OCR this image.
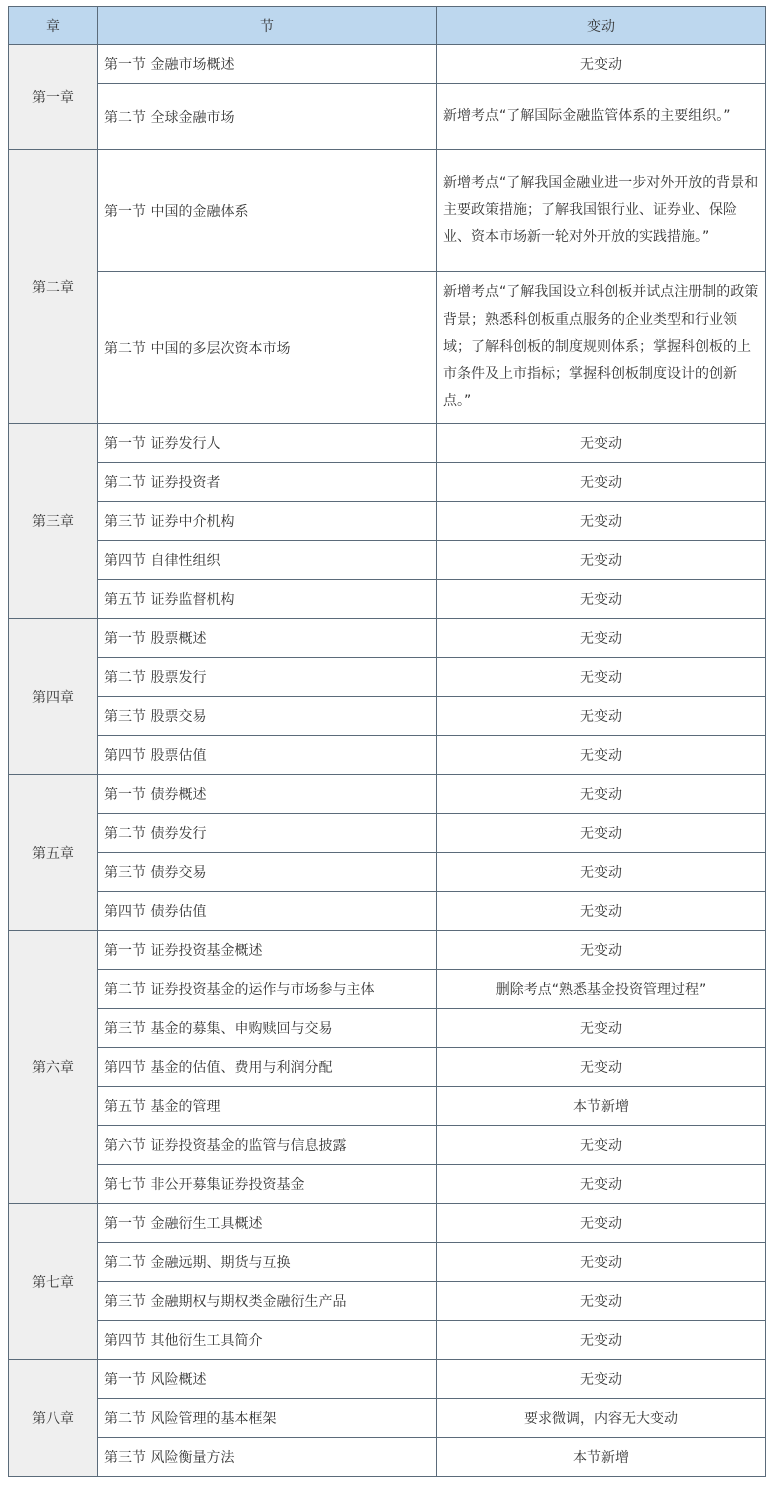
章	节	变动
第一章	第一节 金融市场概述	无变动
	第二节 全球金融市场	新增考点“了解国际金融监管体系的主要组织。”
第二章	第一节 中国的金融体系	新增考点“了解我国金融业进一步对外开放的背景和主要政策措施；了解我国银行业、证券业、保险业、资本市场新一轮对外开放的实践措施。”
	第二节 中国的多层次资本市场	新增考点“了解我国设立科创板并试点注册制的政策背景；熟悉科创板重点服务的企业类型和行业领域；了解科创板的制度规则体系；掌握科创板的上市条件及上市指标；掌握科创板制度设计的创新点。”
第三章	第一节 证券发行人	无变动
	第二节 证券投资者	无变动
	第三节 证券中介机构	无变动
	第四节 自律性组织	无变动
	第五节 证券监督机构	无变动
第四章	第一节 股票概述	无变动
	第二节 股票发行	无变动
	第三节 股票交易	无变动
	第四节 股票估值	无变动
第五章	第一节 债券概述	无变动
	第二节 债券发行	无变动
	第三节 债券交易	无变动
	第四节 债券估值	无变动
第六章	第一节 证券投资基金概述	无变动
	第二节 证券投资基金的运作与市场参与主体	删除考点“熟悉基金投资管理过程”
	第三节 基金的募集、申购赎回与交易	无变动
	第四节 基金的估值、费用与利润分配	无变动
	第五节 基金的管理	本节新增
	第六节 证券投资基金的监管与信息披露	无变动
	第七节 非公开募集证券投资基金	无变动
第七章	第一节 金融衍生工具概述	无变动
	第二节 金融远期、期货与互换	无变动
	第三节 金融期权与期权类金融衍生产品	无变动
	第四节 其他衍生工具简介	无变动
第八章	第一节 风险概述	无变动
	第二节 风险管理的基本框架	要求微调，内容无大变动
	第三节 风险衡量方法	本节新增
